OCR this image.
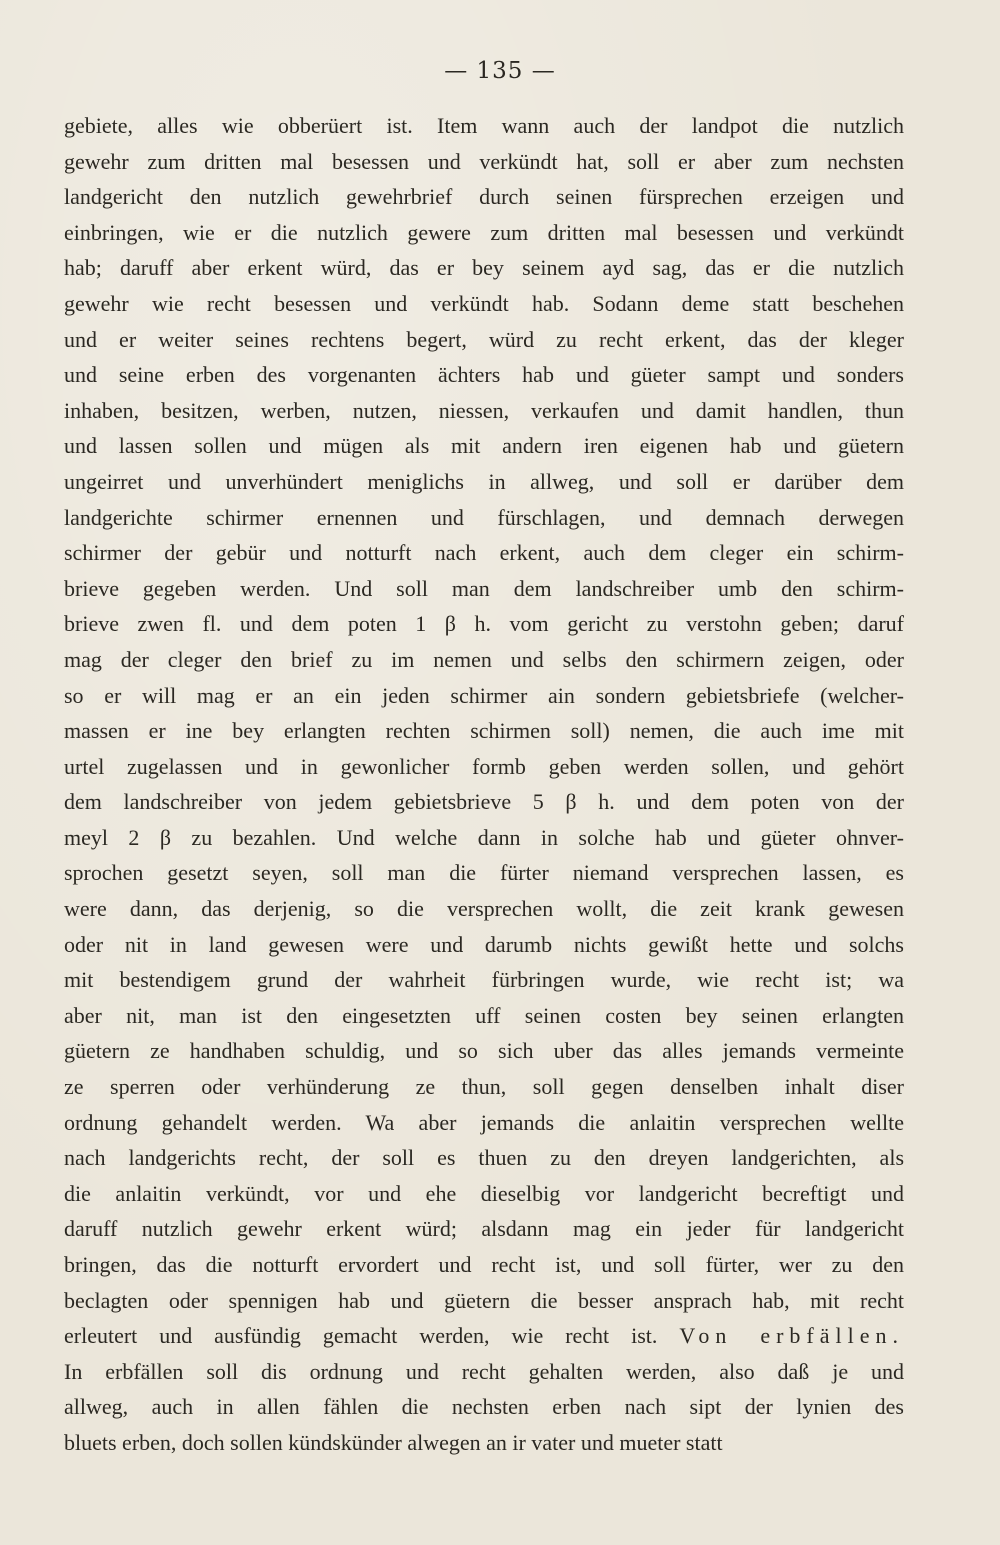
— 135 —
gebiete, alles wie obberüert ist. Item wann auch der landpot die nutzlich
gewehr zum dritten mal besessen und verkündt hat, soll er aber zum nechsten
landgericht den nutzlich gewehrbrief durch seinen fürsprechen erzeigen und
einbringen, wie er die nutzlich gewere zum dritten mal besessen und verkündt
hab; daruff aber erkent würd, das er bey seinem ayd sag, das er die nutzlich
gewehr wie recht besessen und verkündt hab. Sodann deme statt beschehen
und er weiter seines rechtens begert, würd zu recht erkent, das der kleger
und seine erben des vorgenanten ächters hab und güeter sampt und sonders
inhaben, besitzen, werben, nutzen, niessen, verkaufen und damit handlen, thun
und lassen sollen und mügen als mit andern iren eigenen hab und güetern
ungeirret und unverhündert meniglichs in allweg, und soll er darüber dem
landgerichte schirmer ernennen und fürschlagen, und demnach derwegen
schirmer der gebür und notturft nach erkent, auch dem cleger ein schirm-
brieve gegeben werden. Und soll man dem landschreiber umb den schirm-
brieve zwen fl. und dem poten 1 β h. vom gericht zu verstohn geben; daruf
mag der cleger den brief zu im nemen und selbs den schirmern zeigen, oder
so er will mag er an ein jeden schirmer ain sondern gebietsbriefe (welcher-
massen er ine bey erlangten rechten schirmen soll) nemen, die auch ime mit
urtel zugelassen und in gewonlicher formb geben werden sollen, und gehört
dem landschreiber von jedem gebietsbrieve 5 β h. und dem poten von der
meyl 2 β zu bezahlen. Und welche dann in solche hab und güeter ohnver-
sprochen gesetzt seyen, soll man die fürter niemand versprechen lassen, es
were dann, das derjenig, so die versprechen wollt, die zeit krank gewesen
oder nit in land gewesen were und darumb nichts gewißt hette und solchs
mit bestendigem grund der wahrheit fürbringen wurde, wie recht ist; wa
aber nit, man ist den eingesetzten uff seinen costen bey seinen erlangten
güetern ze handhaben schuldig, und so sich uber das alles jemands vermeinte
ze sperren oder verhünderung ze thun, soll gegen denselben inhalt diser
ordnung gehandelt werden. Wa aber jemands die anlaitin versprechen wellte
nach landgerichts recht, der soll es thuen zu den dreyen landgerichten, als
die anlaitin verkündt, vor und ehe dieselbig vor landgericht becreftigt und
daruff nutzlich gewehr erkent würd; alsdann mag ein jeder für landgericht
bringen, das die notturft ervordert und recht ist, und soll fürter, wer zu den
beclagten oder spennigen hab und güetern die besser ansprach hab, mit recht
erleutert und ausfündig gemacht werden, wie recht ist. Von erbfällen.
In erbfällen soll dis ordnung und recht gehalten werden, also daß je und
allweg, auch in allen fählen die nechsten erben nach sipt der lynien des
bluets erben, doch sollen kündskünder alwegen an ir vater und mueter statt
